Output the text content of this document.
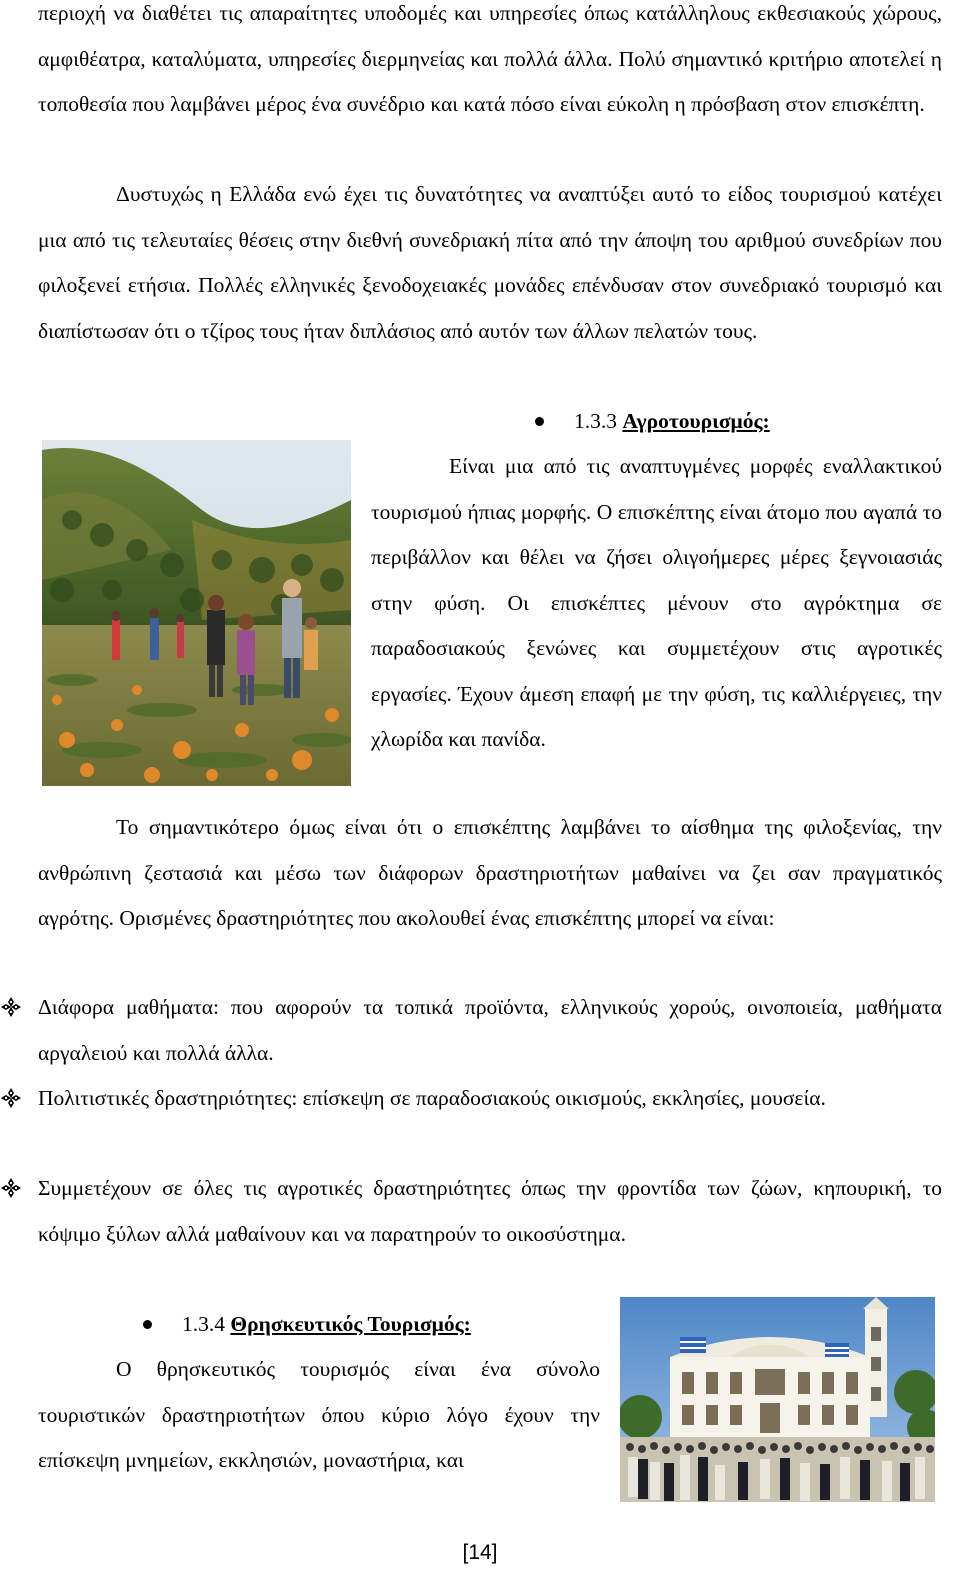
περιοχή να διαθέτει τις απαραίτητες υποδομές και υπηρεσίες όπως κατάλληλους εκθεσιακούς χώρους, αμφιθέατρα, καταλύματα, υπηρεσίες διερμηνείας και πολλά άλλα. Πολύ σημαντικό κριτήριο αποτελεί η τοποθεσία που λαμβάνει μέρος ένα συνέδριο και κατά πόσο είναι εύκολη η πρόσβαση στον επισκέπτη.

Δυστυχώς η Ελλάδα ενώ έχει τις δυνατότητες να αναπτύξει αυτό το είδος τουρισμού κατέχει μια από τις τελευταίες θέσεις στην διεθνή συνεδριακή πίτα από την άποψη του αριθμού συνεδρίων που φιλοξενεί ετήσια. Πολλές ελληνικές ξενοδοχειακές μονάδες επένδυσαν στον συνεδριακό τουρισμό και διαπίστωσαν ότι ο τζίρος τους ήταν διπλάσιος από αυτόν των άλλων πελατών τους.

1.3.3 Αγροτουρισμός:

Είναι μια από τις αναπτυγμένες μορφές εναλλακτικού τουρισμού ήπιας μορφής. Ο επισκέπτης είναι άτομο που αγαπά το περιβάλλον και θέλει να ζήσει ολιγοήμερες μέρες ξεγνοιασιάς στην φύση. Οι επισκέπτες μένουν στο αγρόκτημα σε παραδοσιακούς ξενώνες και συμμετέχουν στις αγροτικές εργασίες. Έχουν άμεση επαφή με την φύση, τις καλλιέργειες, την χλωρίδα και πανίδα.

Το σημαντικότερο όμως είναι ότι ο επισκέπτης λαμβάνει το αίσθημα της φιλοξενίας, την ανθρώπινη ζεστασιά και μέσω των διάφορων δραστηριοτήτων μαθαίνει να ζει σαν πραγματικός αγρότης. Ορισμένες δραστηριότητες που ακολουθεί ένας επισκέπτης μπορεί να είναι:

Διάφορα μαθήματα: που αφορούν τα τοπικά προϊόντα, ελληνικούς χορούς, οινοποιεία, μαθήματα αργαλειού και πολλά άλλα.

Πολιτιστικές δραστηριότητες: επίσκεψη σε παραδοσιακούς οικισμούς, εκκλησίες, μουσεία.

Συμμετέχουν σε όλες τις αγροτικές δραστηριότητες όπως την φροντίδα των ζώων, κηπουρική, το κόψιμο ξύλων αλλά μαθαίνουν και να παρατηρούν το οικοσύστημα.

1.3.4 Θρησκευτικός Τουρισμός:

Ο θρησκευτικός τουρισμός είναι ένα σύνολο τουριστικών δραστηριοτήτων όπου κύριο λόγο έχουν την επίσκεψη μνημείων, εκκλησιών, μοναστήρια, και

[14]
